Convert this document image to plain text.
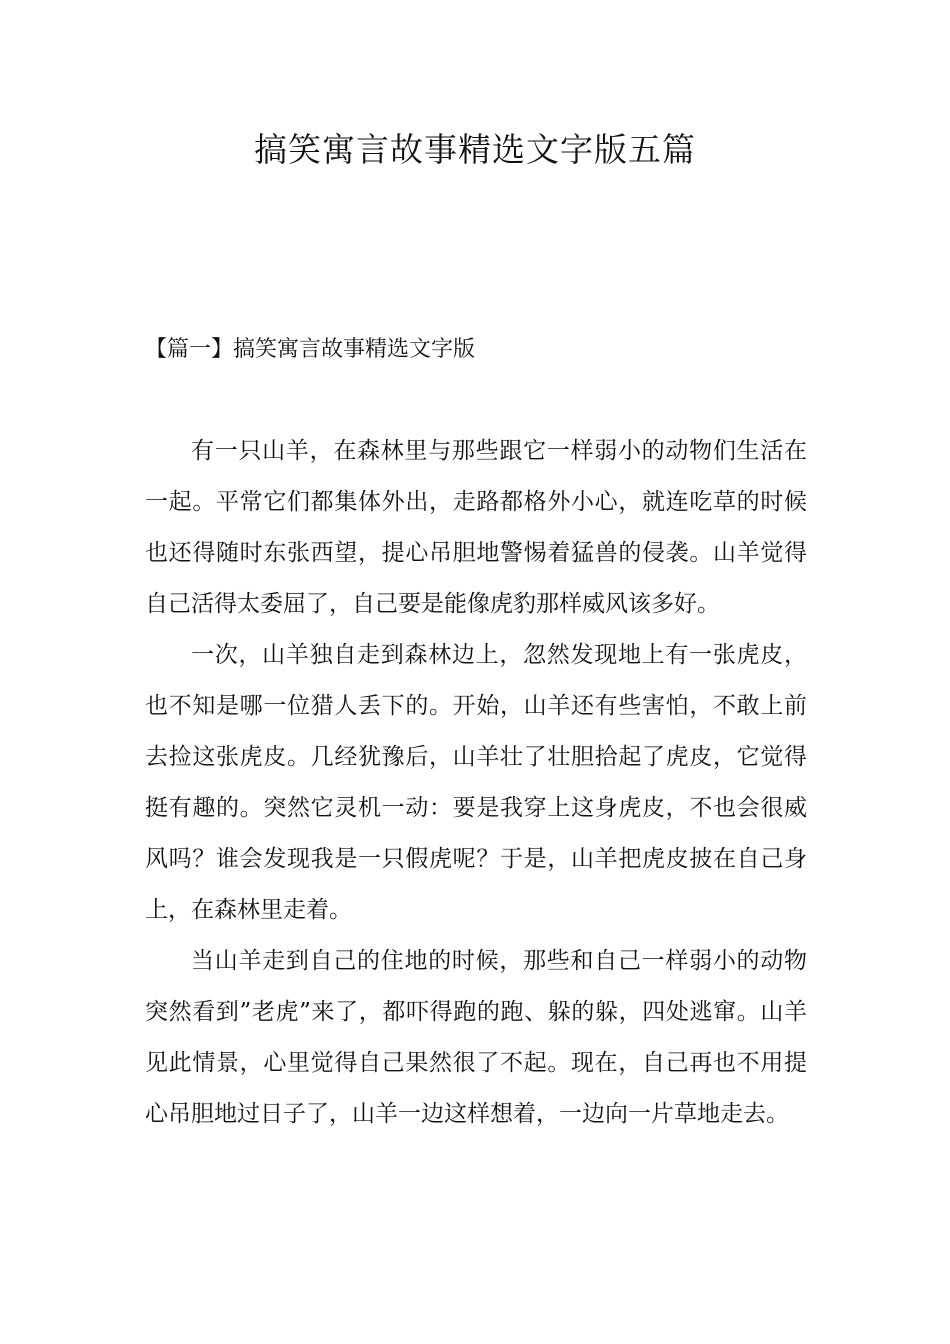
搞笑寓言故事精选文字版五篇
【篇一】搞笑寓言故事精选文字版

有一只山羊，在森林里与那些跟它一样弱小的动物们生活在一起。平常它们都集体外出，走路都格外小心，就连吃草的时候也还得随时东张西望，提心吊胆地警惕着猛兽的侵袭。山羊觉得自己活得太委屈了，自己要是能像虎豹那样威风该多好。

一次，山羊独自走到森林边上，忽然发现地上有一张虎皮，也不知是哪一位猎人丢下的。开始，山羊还有些害怕，不敢上前去捡这张虎皮。几经犹豫后，山羊壮了壮胆拾起了虎皮，它觉得挺有趣的。突然它灵机一动：要是我穿上这身虎皮，不也会很威风吗？谁会发现我是一只假虎呢？于是，山羊把虎皮披在自己身上，在森林里走着。

当山羊走到自己的住地的时候，那些和自己一样弱小的动物突然看到”老虎”来了，都吓得跑的跑、躲的躲，四处逃窜。山羊见此情景，心里觉得自己果然很了不起。现在，自己再也不用提心吊胆地过日子了，山羊一边这样想着，一边向一片草地走去。
